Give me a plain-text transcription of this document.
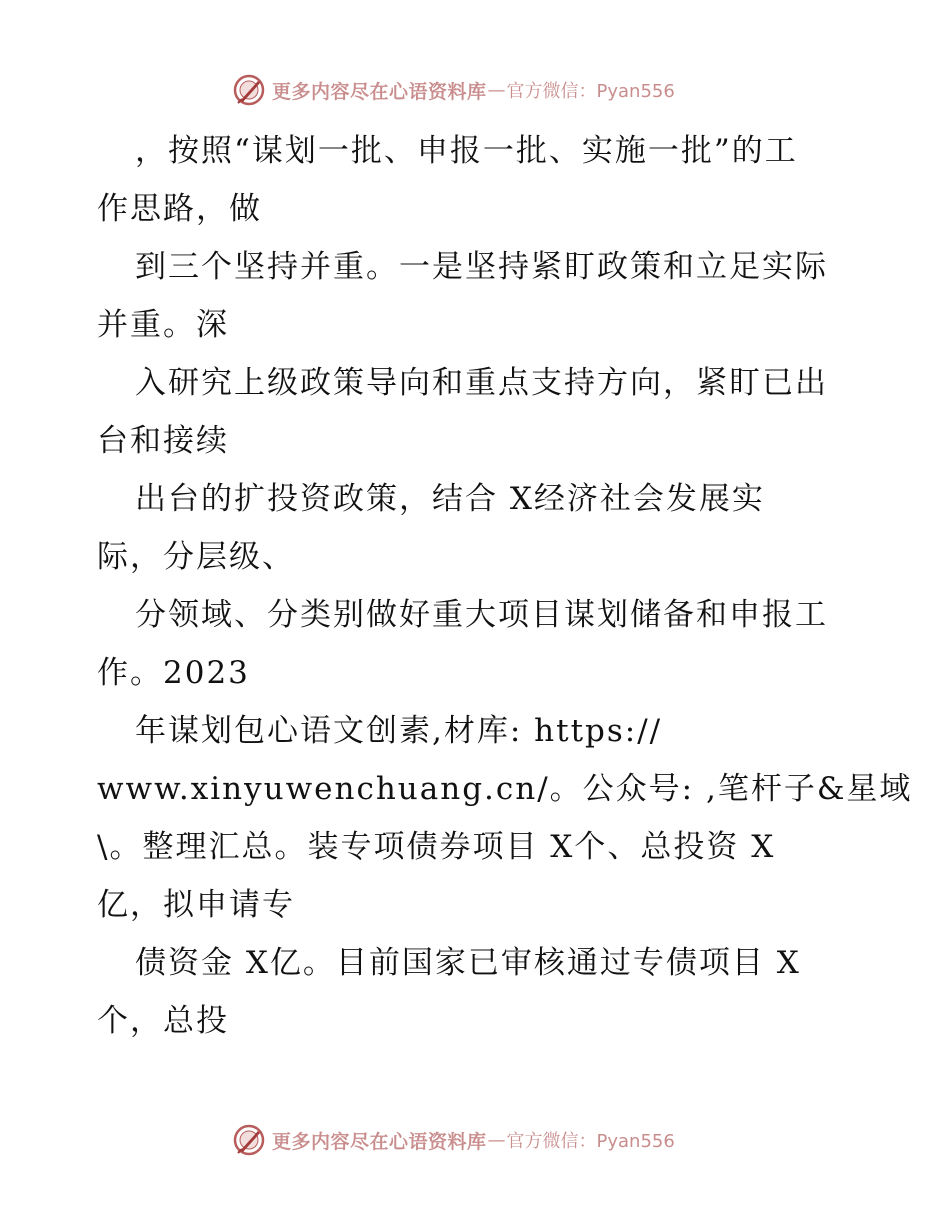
更多内容尽在心语资料库 — 官方微信：Pyan556
，按照“谋划一批、申报一批、实施一批”的工
作思路，做
到三个坚持并重。一是坚持紧盯政策和立足实际
并重。深
入研究上级政策导向和重点支持方向，紧盯已出
台和接续
出台的扩投资政策，结合 X经济社会发展实
际，分层级、
分领域、分类别做好重大项目谋划储备和申报工
作。2023
年谋划包心语文创素,材库: https://
www.xinyuwenchuang.cn/。公众号: ,笔杆子&星域
\。整理汇总。装专项债券项目 X个、总投资 X
亿，拟申请专
债资金 X亿。目前国家已审核通过专债项目 X
个，总投
更多内容尽在心语资料库 — 官方微信：Pyan556
